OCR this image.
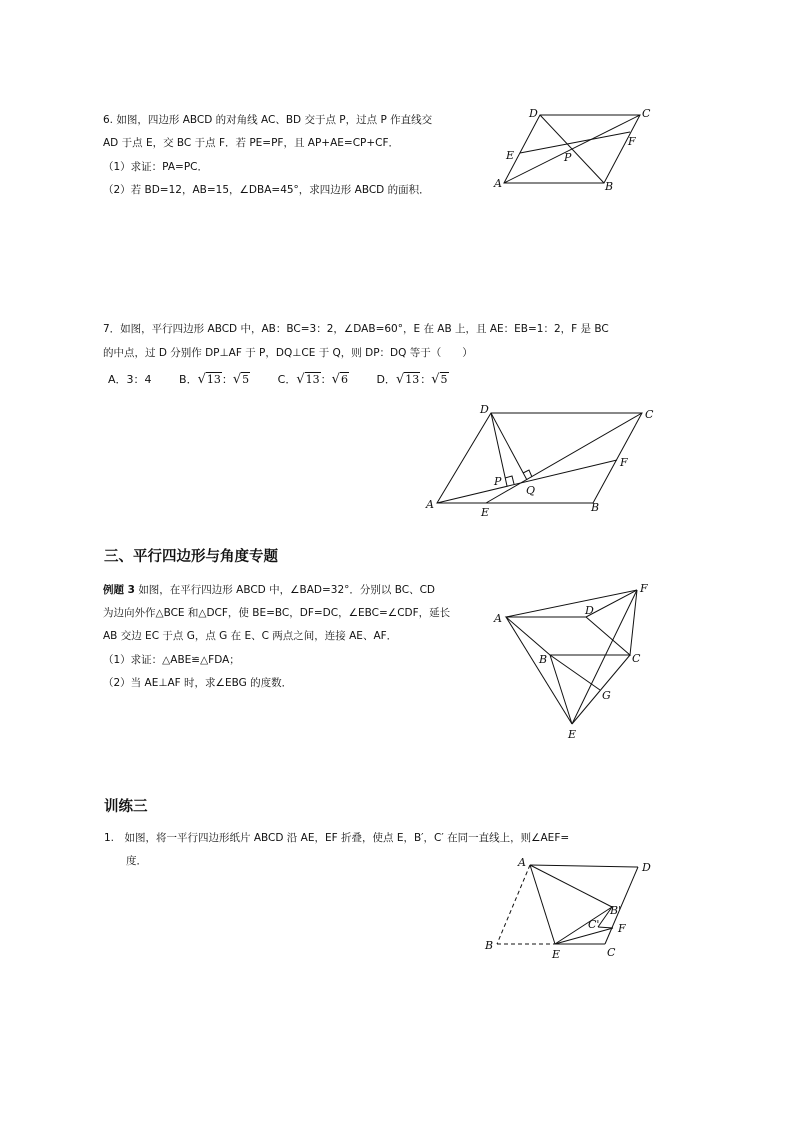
6. 如图，四边形 ABCD 的对角线 AC、BD 交于点 P，过点 P 作直线交
AD 于点 E，交 BC 于点 F．若 PE=PF，且 AP+AE=CP+CF．
（1）求证：PA=PC．
（2）若 BD=12，AB=15，∠DBA=45°，求四边形 ABCD 的面积．
D	C
F
E	P
A	B
7．如图，平行四边形 ABCD 中，AB：BC=3：2，∠DAB=60°，E 在 AB 上，且 AE：EB=1：2，F 是 BC
的中点，过 D 分别作 DP⊥AF 于 P，DQ⊥CE 于 Q，则 DP：DQ 等于（　　）
A．3：4	B．√13：√5	C．√13：√6	D．√13：√5
D	C
F
P
Q
A
E	B
三、平行四边形与角度专题
例题 3 如图，在平行四边形 ABCD 中，∠BAD=32°．分别以 BC、CD
为边向外作△BCE 和△DCF，使 BE=BC，DF=DC，∠EBC=∠CDF，延长
AB 交边 EC 于点 G，点 G 在 E、C 两点之间，连接 AE、AF．
（1）求证：△ABE≌△FDA；
（2）当 AE⊥AF 时，求∠EBG 的度数．
F
D
A
B	C
G
E
训练三
1.　如图，将一平行四边形纸片 ABCD 沿 AE，EF 折叠，使点 E，B′，C′ 在同一直线上，则∠AEF=
度．	A	D
B'
C' F
B
E	C
